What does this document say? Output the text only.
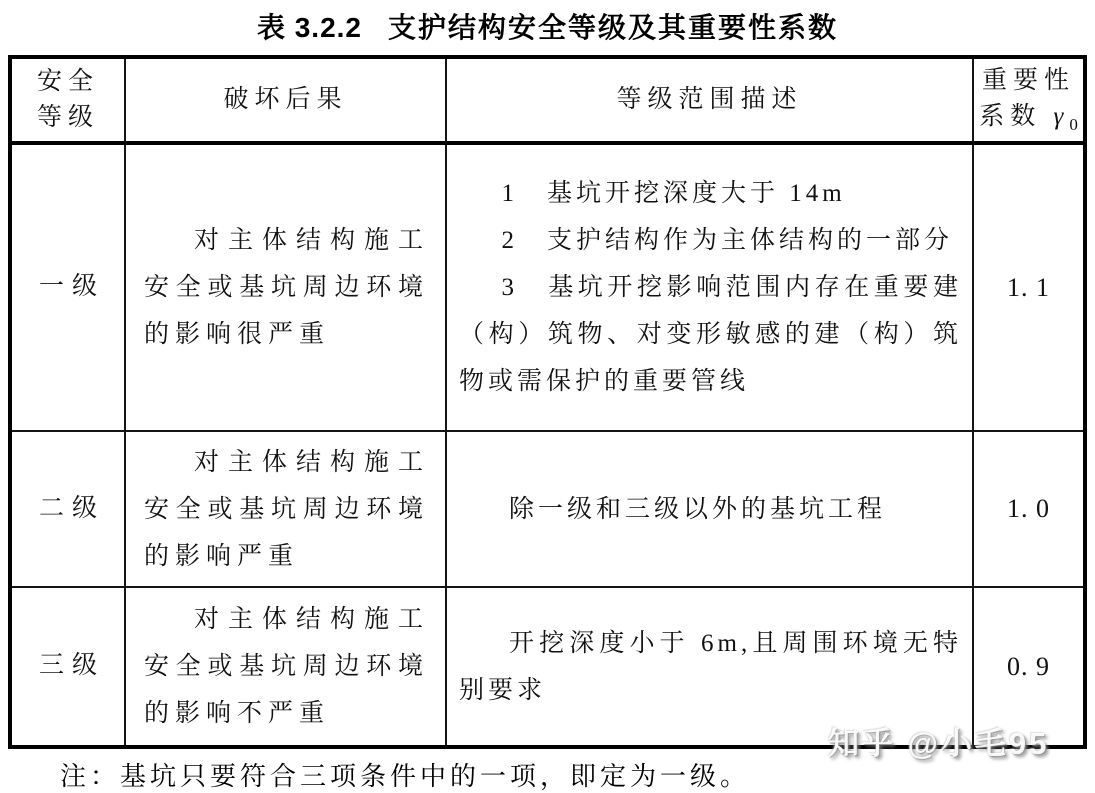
表 3.2.2 支护结构安全等级及其重要性系数
安全
等级
破坏后果	等级范围描述
重要性
系数 $\gamma_0$
一级

对主体结构施工安全或基坑周边环境的影响很严重

1　基坑开挖深度大于 14m

2　支护结构作为主体结构的一部分

3　基坑开挖影响范围内存在重要建（构）筑物、对变形敏感的建（构）筑物或需保护的重要管线

1. 1
二级

对主体结构施工安全或基坑周边环境的影响严重

除一级和三级以外的基坑工程	1. 0
三级

对主体结构施工安全或基坑周边环境的影响不严重

开挖深度小于 6m,且周围环境无特别要求

0. 9
注：基坑只要符合三项条件中的一项，即定为一级。
知乎 @小毛95
